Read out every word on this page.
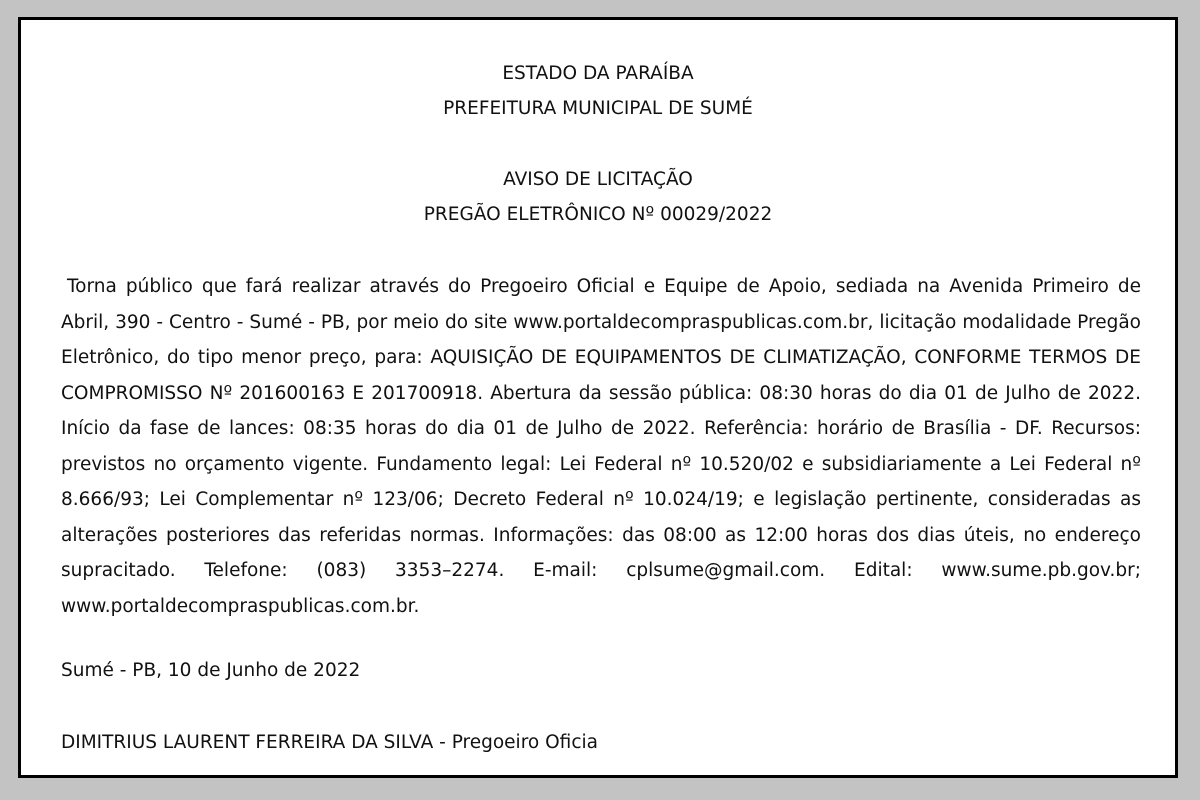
ESTADO DA PARAÍBA
PREFEITURA MUNICIPAL DE SUMÉ
AVISO DE LICITAÇÃO
PREGÃO ELETRÔNICO Nº 00029/2022

Torna público que fará realizar através do Pregoeiro Oficial e Equipe de Apoio, sediada na Avenida Primeiro de Abril, 390 - Centro - Sumé - PB, por meio do site www.portaldecompraspublicas.com.br, licitação modalidade Pregão Eletrônico, do tipo menor preço, para: AQUISIÇÃO DE EQUIPAMENTOS DE CLIMATIZAÇÃO, CONFORME TERMOS DE COMPROMISSO Nº 201600163 E 201700918. Abertura da sessão pública: 08:30 horas do dia 01 de Julho de 2022. Início da fase de lances: 08:35 horas do dia 01 de Julho de 2022. Referência: horário de Brasília - DF. Recursos: previstos no orçamento vigente. Fundamento legal: Lei Federal nº 10.520/02 e subsidiariamente a Lei Federal nº 8.666/93; Lei Complementar nº 123/06; Decreto Federal nº 10.024/19; e legislação pertinente, consideradas as alterações posteriores das referidas normas. Informações: das 08:00 as 12:00 horas dos dias úteis, no endereço supracitado. Telefone: (083) 3353–2274. E-mail: cplsume@gmail.com. Edital: www.sume.pb.gov.br; www.portaldecompraspublicas.com.br.

Sumé - PB, 10 de Junho de 2022
DIMITRIUS LAURENT FERREIRA DA SILVA - Pregoeiro Oficia
